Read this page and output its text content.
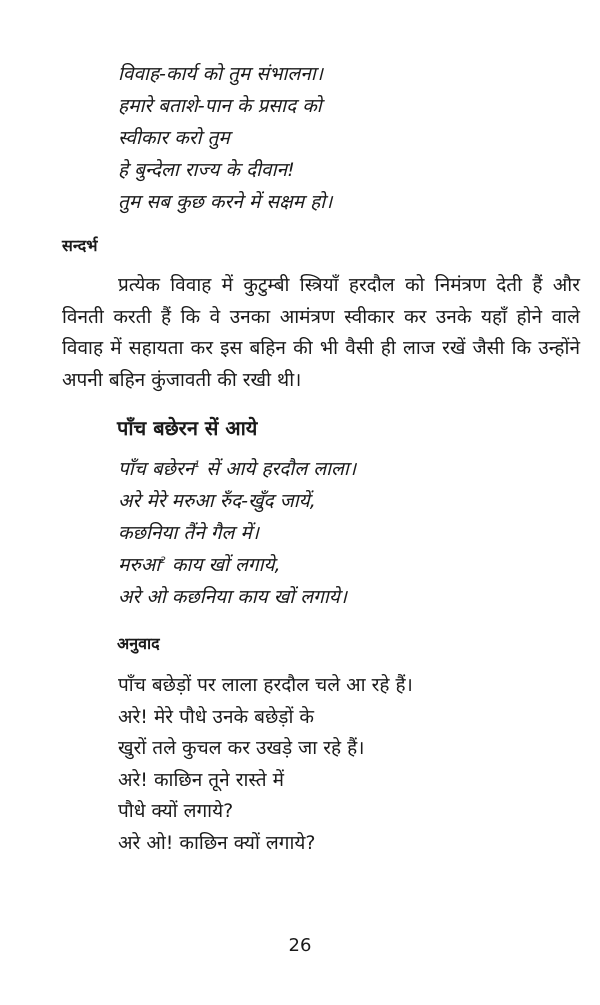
विवाह-कार्य को तुम संभालना।
हमारे बताशे-पान के प्रसाद को
स्वीकार करो तुम
हे बुन्देला राज्य के दीवान!
तुम सब कुछ करने में सक्षम हो।
सन्दर्भ
प्रत्येक विवाह में कुटुम्बी स्त्रियाँ हरदौल को निमंत्रण देती हैं और विनती करती हैं कि वे उनका आमंत्रण स्वीकार कर उनके यहाँ होने वाले विवाह में सहायता कर इस बहिन की भी वैसी ही लाज रखें जैसी कि उन्होंने अपनी बहिन कुंजावती की रखी थी।
पाँच बछेरन सें आये
पाँच बछेरन$^1$ सें आये हरदौल लाला।
अरे मेरे मरुआ रुँद-खुँद जायें,
कछनिया तैंने गैल में।
मरुआ$^2$ काय खों लगाये,
अरे ओ कछनिया काय खों लगाये।
अनुवाद
पाँच बछेड़ों पर लाला हरदौल चले आ रहे हैं।
अरे! मेरे पौधे उनके बछेड़ों के
खुरों तले कुचल कर उखड़े जा रहे हैं।
अरे! काछिन तूने रास्ते में
पौधे क्यों लगाये?
अरे ओ! काछिन क्यों लगाये?
26
